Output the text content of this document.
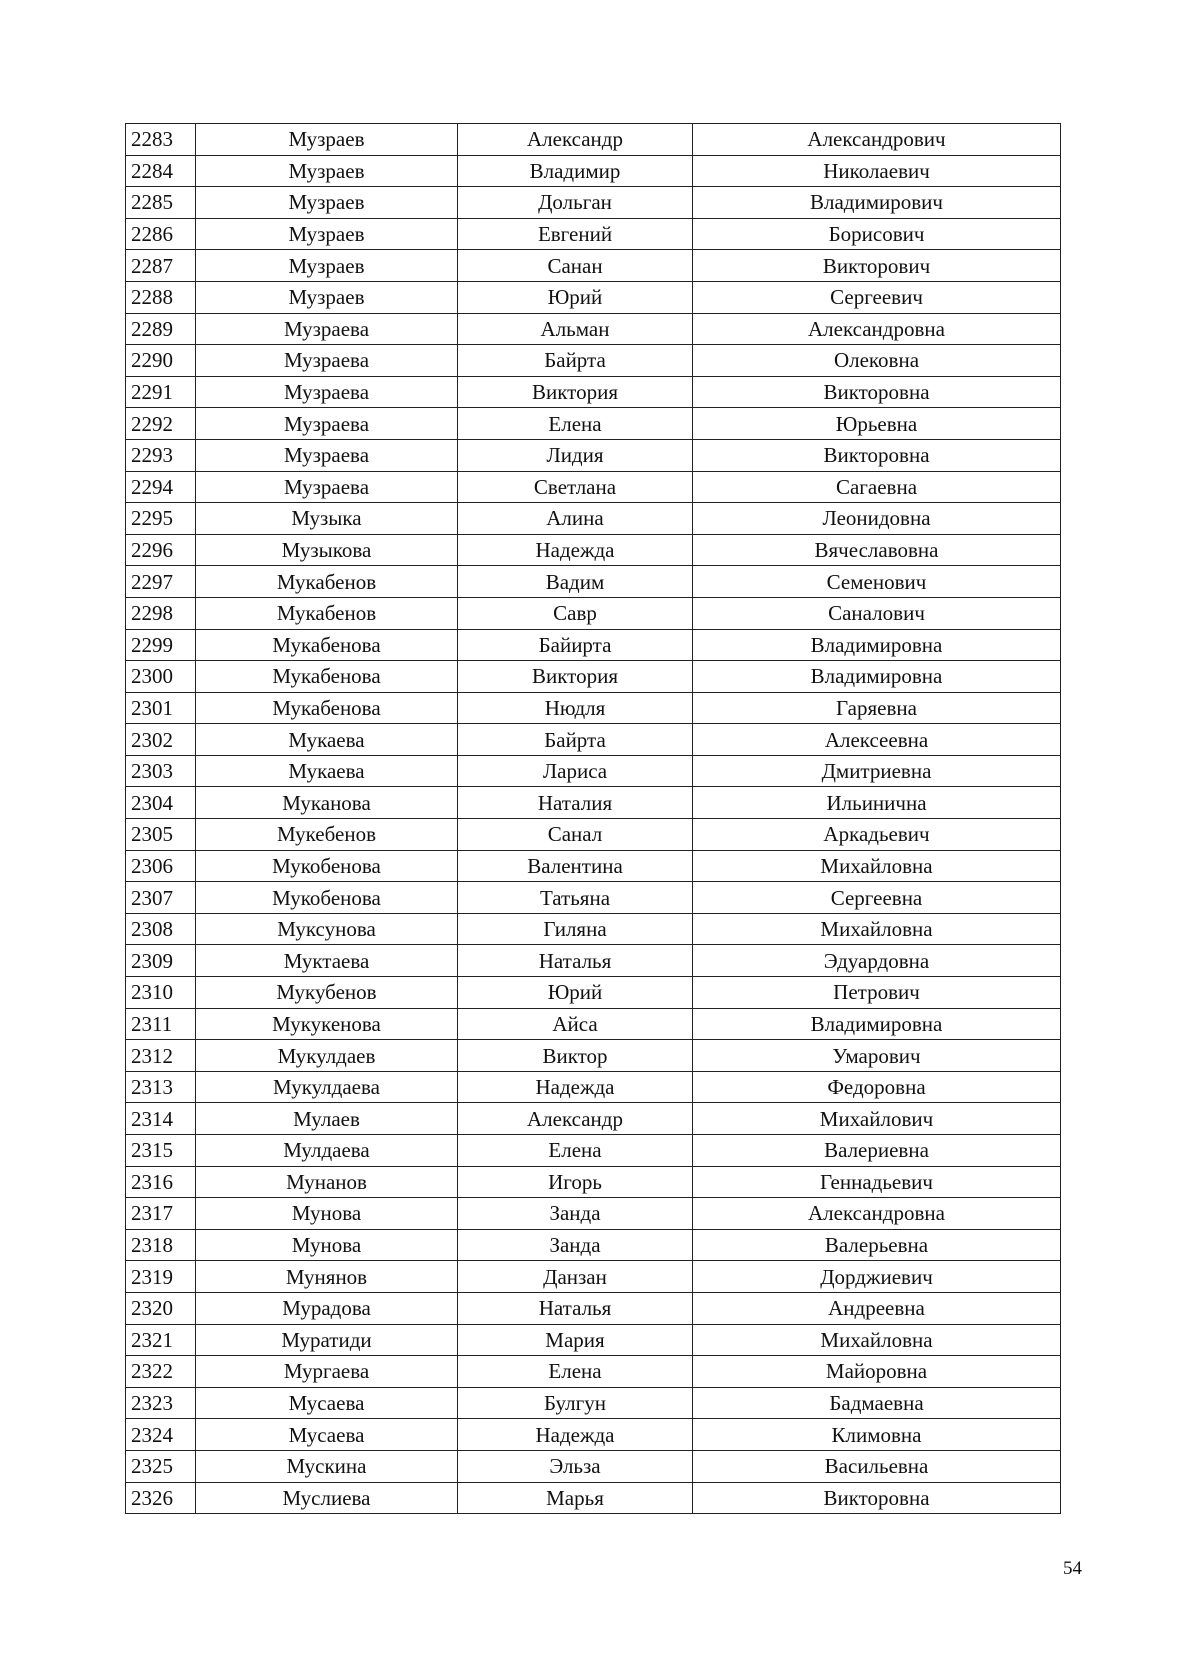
2283	Музраев	Александр	Александрович
2284	Музраев	Владимир	Николаевич
2285	Музраев	Дольган	Владимирович
2286	Музраев	Евгений	Борисович
2287	Музраев	Санан	Викторович
2288	Музраев	Юрий	Сергеевич
2289	Музраева	Альман	Александровна
2290	Музраева	Байрта	Олековна
2291	Музраева	Виктория	Викторовна
2292	Музраева	Елена	Юрьевна
2293	Музраева	Лидия	Викторовна
2294	Музраева	Светлана	Сагаевна
2295	Музыка	Алина	Леонидовна
2296	Музыкова	Надежда	Вячеславовна
2297	Мукабенов	Вадим	Семенович
2298	Мукабенов	Савр	Саналович
2299	Мукабенова	Байирта	Владимировна
2300	Мукабенова	Виктория	Владимировна
2301	Мукабенова	Нюдля	Гаряевна
2302	Мукаева	Байрта	Алексеевна
2303	Мукаева	Лариса	Дмитриевна
2304	Муканова	Наталия	Ильинична
2305	Мукебенов	Санал	Аркадьевич
2306	Мукобенова	Валентина	Михайловна
2307	Мукобенова	Татьяна	Сергеевна
2308	Муксунова	Гиляна	Михайловна
2309	Муктаева	Наталья	Эдуардовна
2310	Мукубенов	Юрий	Петрович
2311	Мукукенова	Айса	Владимировна
2312	Мукулдаев	Виктор	Умарович
2313	Мукулдаева	Надежда	Федоровна
2314	Мулаев	Александр	Михайлович
2315	Мулдаева	Елена	Валериевна
2316	Мунанов	Игорь	Геннадьевич
2317	Мунова	Занда	Александровна
2318	Мунова	Занда	Валерьевна
2319	Мунянов	Данзан	Дорджиевич
2320	Мурадова	Наталья	Андреевна
2321	Муратиди	Мария	Михайловна
2322	Мургаева	Елена	Майоровна
2323	Мусаева	Булгун	Бадмаевна
2324	Мусаева	Надежда	Климовна
2325	Мускина	Эльза	Васильевна
2326	Муслиева	Марья	Викторовна
54
